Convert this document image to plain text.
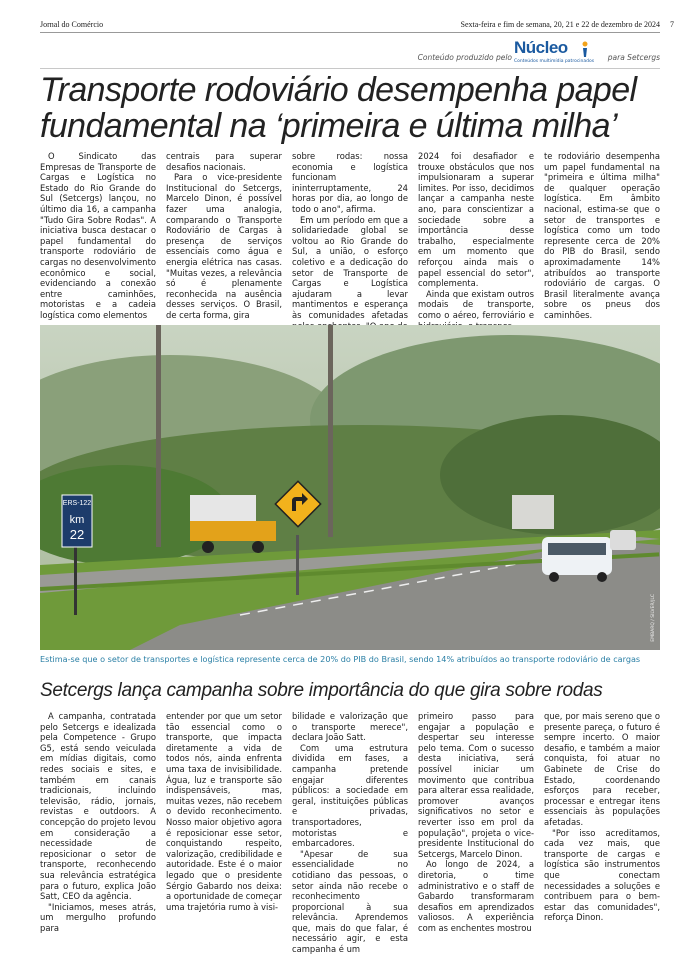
Jornal do Comércio	Sexta-feira e fim de semana, 20, 21 e 22 de dezembro de 2024 7
Conteúdo produzido pelo
Núcleo
Conteúdos multimídia patrocinados para Setcergs
Transporte rodoviário desempenha papel fundamental na ‘primeira e última milha’

O Sindicato das Empresas de Transporte de Cargas e Logística no Estado do Rio Grande do Sul (Setcergs) lançou, no último dia 16, a campanha "Tudo Gira Sobre Rodas". A iniciativa busca destacar o papel fundamental do transporte rodoviário de cargas no desenvolvimento econômico e social, evidenciando a conexão entre caminhões, motoristas e a cadeia logística como elementos

centrais para superar desafios nacionais.

Para o vice-presidente Institucional do Setcergs, Marcelo Dinon, é possível fazer uma analogia, comparando o Transporte Rodoviário de Cargas à presença de serviços essenciais como água e energia elétrica nas casas. "Muitas vezes, a relevância só é plenamente reconhecida na ausência desses serviços. O Brasil, de certa forma, gira

sobre rodas: nossa economia e logística funcionam ininterruptamente, 24 horas por dia, ao longo de todo o ano", afirma.

Em um período em que a solidariedade global se voltou ao Rio Grande do Sul, a união, o esforço coletivo e a dedicação do setor de Transporte de Cargas e Logística ajudaram a levar mantimentos e esperança às comunidades afetadas

2024 foi desafiador e trouxe obstáculos que nos impulsionaram a superar limites. Por isso, decidimos lançar a campanha neste ano, para conscientizar a sociedade sobre a importância desse trabalho, especialmente em um momento que reforçou ainda mais o papel essencial do setor", complementa.

Ainda que existam outros modais de transporte, como o aéreo, ferroviário e

te rodoviário desempenha um papel fundamental na "primeira e última milha" de qualquer operação logística. Em âmbito nacional, estima-se que o setor de transportes e logística como um todo represente cerca de 20% do PIB do Brasil, sendo aproximadamente 14% atribuídos ao transporte rodoviário de cargas. O Brasil literalmente avança sobre os pneus dos caminhões.

ERS-122
km
22
EMBARQ / SILVER/JLC
Estima-se que o setor de transportes e logística represente cerca de 20% do PIB do Brasil, sendo 14% atribuídos ao transporte rodoviário de cargas
Setcergs lança campanha sobre importância do que gira sobre rodas

A campanha, contratada pelo Setcergs e idealizada pela Competence - Grupo G5, está sendo veiculada em mídias digitais, como redes sociais e sites, e também em canais tradicionais, incluindo televisão, rádio, jornais, revistas e outdoors. A concepção do projeto levou em consideração a necessidade de reposicionar o setor de transporte, reconhecendo sua relevância estratégica para o futuro, explica João Satt, CEO da agência.

"Iniciamos, meses atrás, um mergulho profundo para

entender por que um setor tão essencial como o transporte, que impacta diretamente a vida de todos nós, ainda enfrenta uma taxa de invisibilidade. Água, luz e transporte são indispensáveis, mas, muitas vezes, não recebem o devido reconhecimento. Nosso maior objetivo agora é reposicionar esse setor, conquistando respeito, valorização, credibilidade e autoridade. Este é o maior legado que o presidente Sérgio Gabardo nos deixa: a oportunidade de começar uma trajetória rumo à visi-

bilidade e valorização que o transporte merece", declara João Satt.

Com uma estrutura dividida em fases, a campanha pretende engajar diferentes públicos: a sociedade em geral, instituições públicas e privadas, transportadores, motoristas e embarcadores.

"Apesar de sua essencialidade no cotidiano das pessoas, o setor ainda não recebe o reconhecimento proporcional à sua relevância. Aprendemos que, mais do que falar, é necessário agir, e esta campanha é um

primeiro passo para engajar a população e despertar seu interesse pelo tema. Com o sucesso desta iniciativa, será possível iniciar um movimento que contribua para alterar essa realidade, promover avanços significativos no setor e reverter isso em prol da população", projeta o vice-presidente Institucional do Setcergs, Marcelo Dinon.

Ao longo de 2024, a diretoria, o time administrativo e o staff de Gabardo transformaram desafios em aprendizados valiosos. A experiência com as enchentes mostrou

que, por mais sereno que o presente pareça, o futuro é sempre incerto. O maior desafio, e também a maior conquista, foi atuar no Gabinete de Crise do Estado, coordenando esforços para receber, processar e entregar itens essenciais às populações afetadas.

"Por isso acreditamos, cada vez mais, que transporte de cargas e logística são instrumentos que conectam necessidades a soluções e contribuem para o bem-estar das comunidades", reforça Dinon.
